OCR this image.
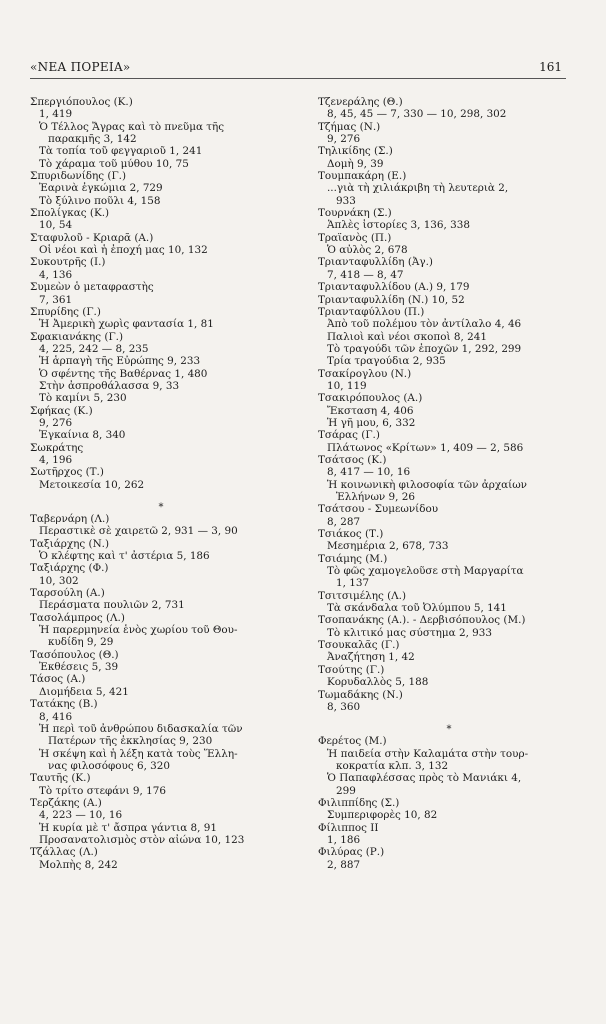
«ΝΕΑ ΠΟΡΕΙΑ»	161
Σπεργιόπουλος (Κ.)
1, 419
Ὁ Τέλλος Ἄγρας καὶ τὸ πνεῦμα τῆς
παρακμῆς 3, 142
Τὰ τοπία τοῦ φεγγαριοῦ 1, 241
Τὸ χάραμα τοῦ μύθου 10, 75
Σπυριδωνίδης (Γ.)
Ἐαρινὰ ἐγκώμια 2, 729
Τὸ ξύλινο ποῦλι 4, 158
Σπολίγκας (Κ.)
10, 54
Σταφυλοῦ - Κριαρᾶ (Α.)
Οἱ νέοι καὶ ἡ ἐποχή μας 10, 132
Συκουτρῆς (Ι.)
4, 136
Συμεὼν ὁ μεταφραστὴς
7, 361
Σπυρίδης (Γ.)
Ἡ Ἀμερικὴ χωρὶς φαντασία 1, 81
Σφακιανάκης (Γ.)
4, 225, 242 — 8, 235
Ἡ ἁρπαγὴ τῆς Εὐρώπης 9, 233
Ὁ σφέντης τῆς Βαθέρνας 1, 480
Στὴν ἀσπροθάλασσα 9, 33
Τὸ καμίνι 5, 230
Σφήκας (Κ.)
9, 276
Ἐγκαίνια 8, 340
Σωκράτης
4, 196
Σωτῆρχος (Τ.)
Μετοικεσία 10, 262
*
Ταβερνάρη (Λ.)
Περαστικὲ σὲ χαιρετῶ 2, 931 — 3, 90
Ταξιάρχης (Ν.)
Ὁ κλέφτης καὶ τ' ἀστέρια 5, 186
Ταξιάρχης (Φ.)
10, 302
Ταρσούλη (Α.)
Περάσματα πουλιῶν 2, 731
Τασολάμπρος (Λ.)
Ἡ παρερμηνεία ἑνὸς χωρίου τοῦ Θου-
κυδίδη 9, 29
Τασόπουλος (Θ.)
Ἐκθέσεις 5, 39
Τάσος (Α.)
Διομήδεια 5, 421
Τατάκης (Β.)
8, 416
Ἡ περὶ τοῦ ἀνθρώπου διδασκαλία τῶν
Πατέρων τῆς ἐκκλησίας 9, 230
Ἡ σκέψη καὶ ἡ λέξη κατὰ τοὺς Ἕλλη-
νας φιλοσόφους 6, 320
Ταυτῆς (Κ.)
Τὸ τρίτο στεφάνι 9, 176
Τερζάκης (Α.)
4, 223 — 10, 16
Ἡ κυρία μὲ τ' ἄσπρα γάντια 8, 91
Προσανατολισμὸς στὸν αἰώνα 10, 123
Τζάλλας (Λ.)
Μολπὴς 8, 242
Τζενεράλης (Θ.)
8, 45, 45 — 7, 330 — 10, 298, 302
Τζήμας (Ν.)
9, 276
Τηλικίδης (Σ.)
Δομὴ 9, 39
Τουμπακάρη (Ε.)
...γιὰ τὴ χιλιάκριβη τὴ λευτεριὰ 2,
933
Τουρνάκη (Σ.)
Ἁπλὲς ἱστορίες 3, 136, 338
Τραϊανὸς (Π.)
Ὁ αὐλὸς 2, 678
Τριανταφυλλίδη (Ἀγ.)
7, 418 — 8, 47
Τριανταφυλλίδου (Α.) 9, 179
Τριανταφυλλίδη (Ν.) 10, 52
Τριανταφύλλου (Π.)
Ἀπὸ τοῦ πολέμου τὸν ἀντίλαλο 4, 46
Παλιοὶ καὶ νέοι σκοποὶ 8, 241
Τὸ τραγούδι τῶν ἐποχῶν 1, 292, 299
Τρία τραγούδια 2, 935
Τσακίρογλου (Ν.)
10, 119
Τσακιρόπουλος (Α.)
Ἔκσταση 4, 406
Ἡ γῆ μου, 6, 332
Τσάρας (Γ.)
Πλάτωνος «Κρίτων» 1, 409 — 2, 586
Τσάτσος (Κ.)
8, 417 — 10, 16
Ἡ κοινωνικὴ φιλοσοφία τῶν ἀρχαίων
Ἑλλήνων 9, 26
Τσάτσου - Συμεωνίδου
8, 287
Τσιάκος (Τ.)
Μεσημέρια 2, 678, 733
Τσιάμης (Μ.)
Τὸ φῶς χαμογελοῦσε στὴ Μαργαρίτα
1, 137
Τσιτσιμέλης (Λ.)
Τὰ σκάνδαλα τοῦ Ὀλύμπου 5, 141
Τσοπανάκης (Α.). - Δερβισόπουλος (Μ.)
Τὸ κλιτικό μας σύστημα 2, 933
Τσουκαλᾶς (Γ.)
Ἀναζήτηση 1, 42
Τσούτης (Γ.)
Κορυδαλλὸς 5, 188
Τωμαδάκης (Ν.)
8, 360
*
Φερέτος (Μ.)
Ἡ παιδεία στὴν Καλαμάτα στὴν τουρ-
κοκρατία κλπ. 3, 132
Ὁ Παπαφλέσσας πρὸς τὸ Μανιάκι 4,
299
Φιλιππίδης (Σ.)
Συμπεριφορὲς 10, 82
Φίλιππος ΙΙ
1, 186
Φιλύρας (Ρ.)
2, 887
